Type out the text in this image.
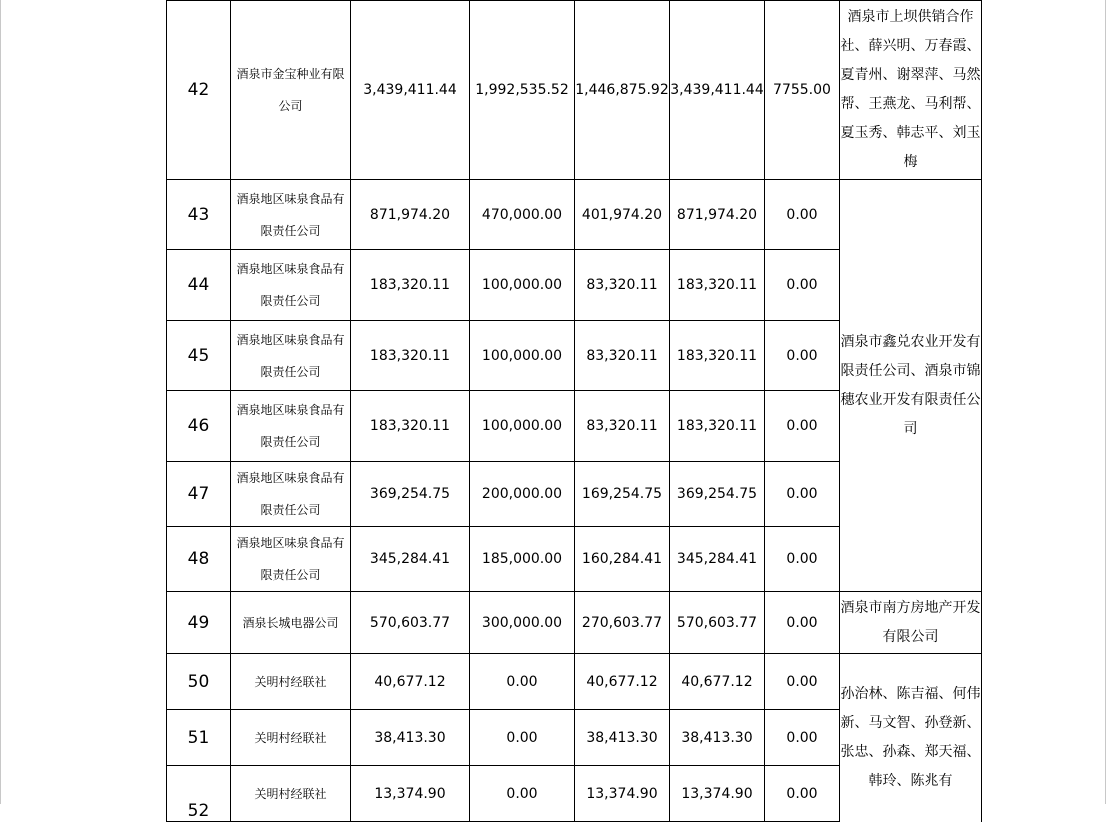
42	酒泉市金宝种业有限公司	3,439,411.44	1,992,535.52	1,446,875.92	3,439,411.44	7755.00	酒泉市上坝供销合作社、薛兴明、万春霞、夏青州、谢翠萍、马然帮、王燕龙、马利帮、夏玉秀、韩志平、刘玉梅
43	酒泉地区味泉食品有限责任公司	871,974.20	470,000.00	401,974.20	871,974.20	0.00	酒泉市鑫兑农业开发有限责任公司、酒泉市锦穗农业开发有限责任公司
44	酒泉地区味泉食品有限责任公司	183,320.11	100,000.00	83,320.11	183,320.11	0.00	
45	酒泉地区味泉食品有限责任公司	183,320.11	100,000.00	83,320.11	183,320.11	0.00	
46	酒泉地区味泉食品有限责任公司	183,320.11	100,000.00	83,320.11	183,320.11	0.00	
47	酒泉地区味泉食品有限责任公司	369,254.75	200,000.00	169,254.75	369,254.75	0.00	
48	酒泉地区味泉食品有限责任公司	345,284.41	185,000.00	160,284.41	345,284.41	0.00	
49	酒泉长城电器公司	570,603.77	300,000.00	270,603.77	570,603.77	0.00	酒泉市南方房地产开发有限公司
50	关明村经联社	40,677.12	0.00	40,677.12	40,677.12	0.00	孙治林、陈吉福、何伟新、马文智、孙登新、张忠、孙森、郑天福、韩玲、陈兆有
51	关明村经联社	38,413.30	0.00	38,413.30	38,413.30	0.00	
52	关明村经联社	13,374.90	0.00	13,374.90	13,374.90	0.00	
